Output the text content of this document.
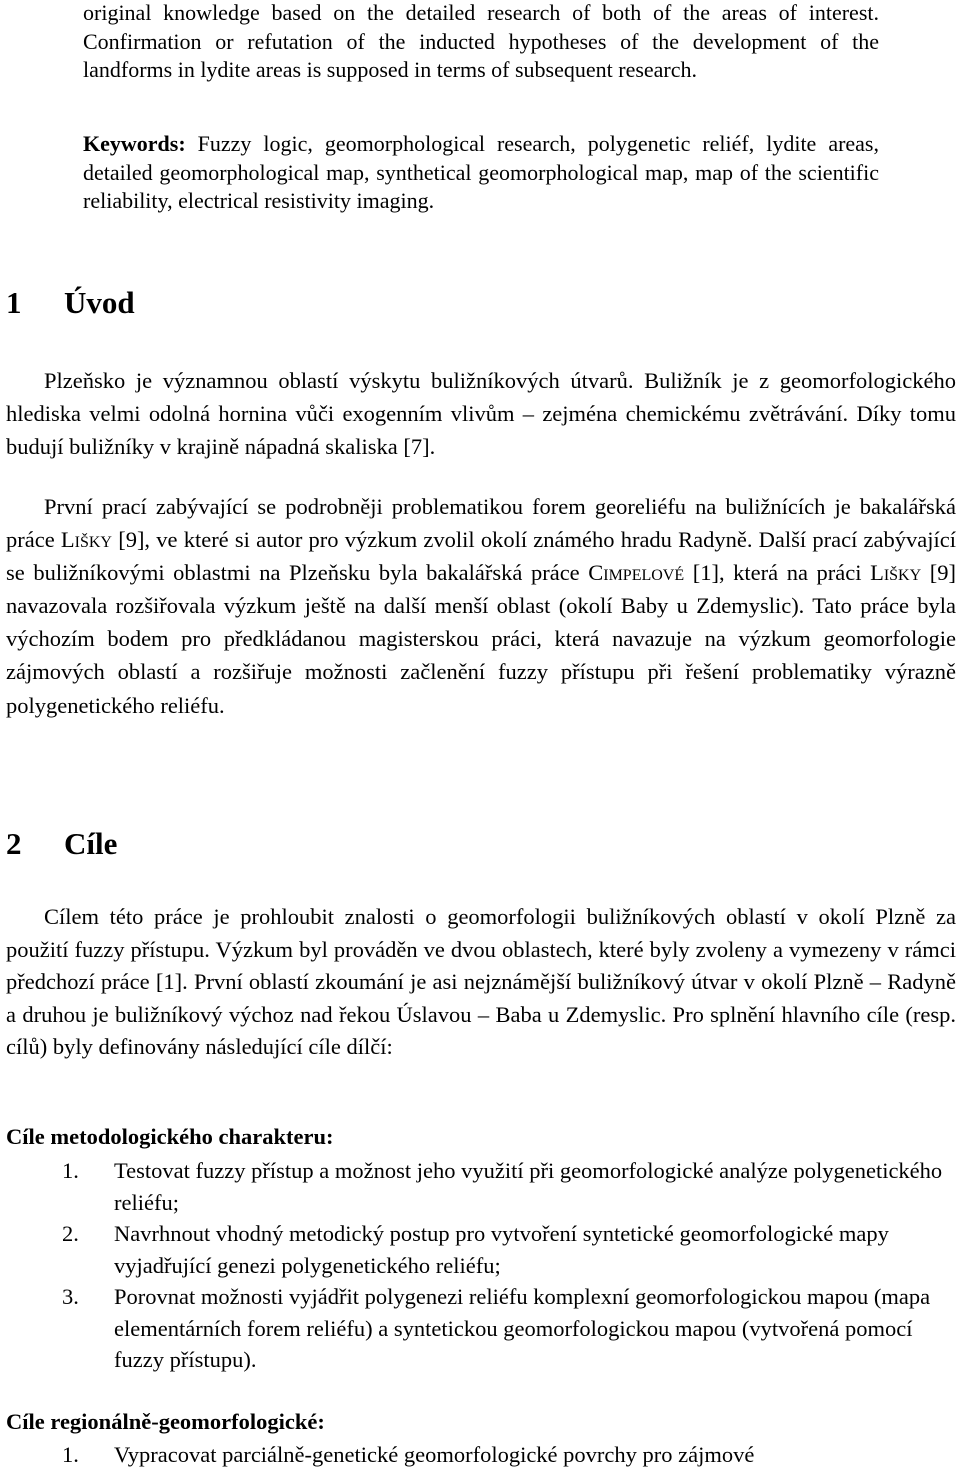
original knowledge based on the detailed research of both of the areas of interest. Confirmation or refutation of the inducted hypotheses of the development of the landforms in lydite areas is supposed in terms of subsequent research.
Keywords: Fuzzy logic, geomorphological research, polygenetic reliéf, lydite areas, detailed geomorphological map, synthetical geomorphological map, map of the scientific reliability, electrical resistivity imaging.
1 Úvod
Plzeňsko je významnou oblastí výskytu buližníkových útvarů. Buližník je z geomorfologického hlediska velmi odolná hornina vůči exogenním vlivům – zejména chemickému zvětrávání. Díky tomu budují buližníky v krajině nápadná skaliska [7].
První prací zabývající se podrobněji problematikou forem georeliéfu na buližnících je bakalářská práce Lišky [9], ve které si autor pro výzkum zvolil okolí známého hradu Radyně. Další prací zabývající se buližníkovými oblastmi na Plzeňsku byla bakalářská práce Cimpelové [1], která na práci Lišky [9] navazovala rozšiřovala výzkum ještě na další menší oblast (okolí Baby u Zdemyslic). Tato práce byla výchozím bodem pro předkládanou magisterskou práci, která navazuje na výzkum geomorfologie zájmových oblastí a rozšiřuje možnosti začlenění fuzzy přístupu při řešení problematiky výrazně polygenetického reliéfu.
2 Cíle
Cílem této práce je prohloubit znalosti o geomorfologii buližníkových oblastí v okolí Plzně za použití fuzzy přístupu. Výzkum byl prováděn ve dvou oblastech, které byly zvoleny a vymezeny v rámci předchozí práce [1]. První oblastí zkoumání je asi nejznámější buližníkový útvar v okolí Plzně – Radyně a druhou je buližníkový výchoz nad řekou Úslavou – Baba u Zdemyslic. Pro splnění hlavního cíle (resp. cílů) byly definovány následující cíle dílčí:
Cíle metodologického charakteru:
1. Testovat fuzzy přístup a možnost jeho využití při geomorfologické analýze polygenetického reliéfu;
2. Navrhnout vhodný metodický postup pro vytvoření syntetické geomorfologické mapy vyjadřující genezi polygenetického reliéfu;
3. Porovnat možnosti vyjádřit polygenezi reliéfu komplexní geomorfologickou mapou (mapa elementárních forem reliéfu) a syntetickou geomorfologickou mapou (vytvořená pomocí fuzzy přístupu).
Cíle regionálně-geomorfologické:
1. Vypracovat parciálně-genetické geomorfologické povrchy pro zájmové
